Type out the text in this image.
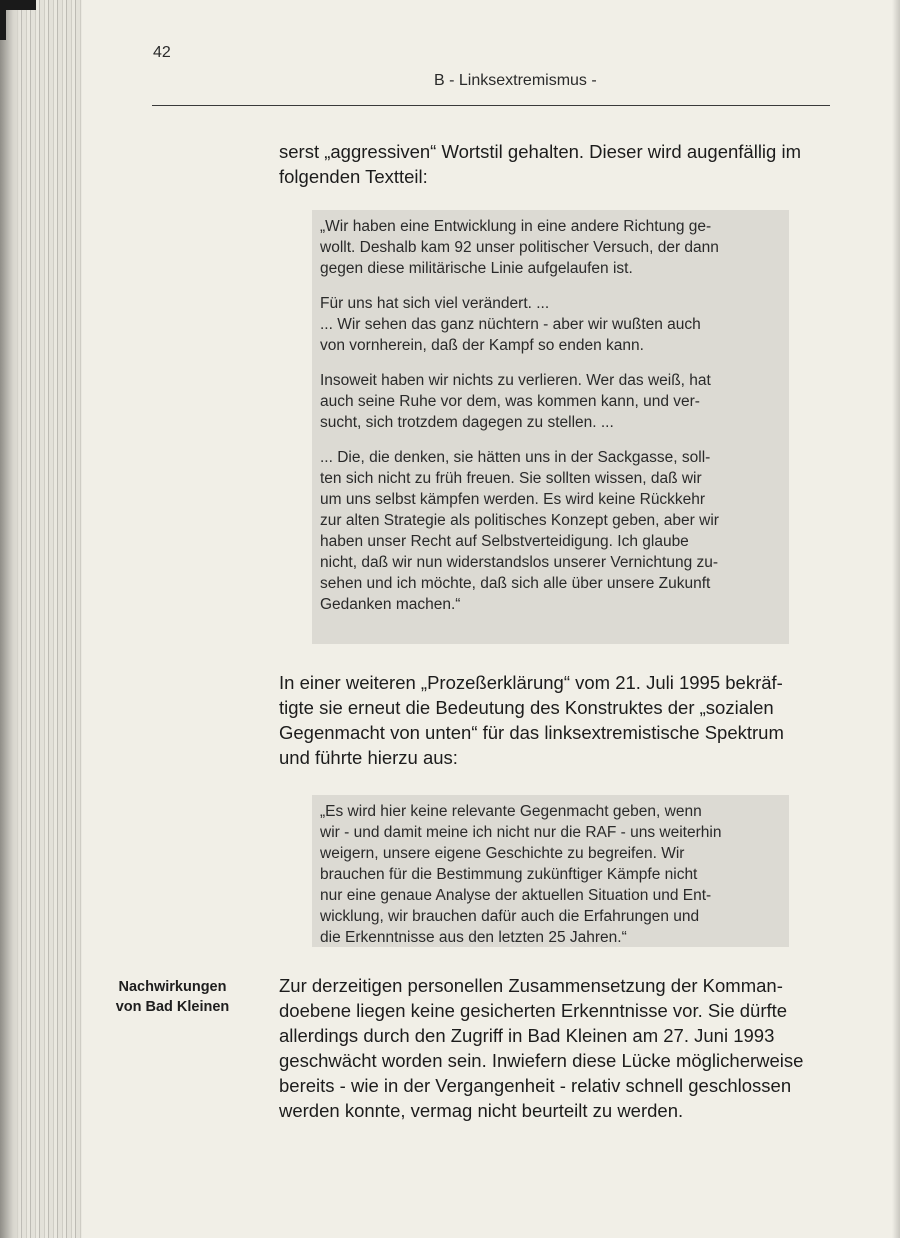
42
B - Linksextremismus -
serst „aggressiven“ Wortstil gehalten. Dieser wird augenfällig im
folgenden Textteil:
„Wir haben eine Entwicklung in eine andere Richtung ge-
wollt. Deshalb kam 92 unser politischer Versuch, der dann
gegen diese militärische Linie aufgelaufen ist.
Für uns hat sich viel verändert. ...
... Wir sehen das ganz nüchtern - aber wir wußten auch
von vornherein, daß der Kampf so enden kann.
Insoweit haben wir nichts zu verlieren. Wer das weiß, hat
auch seine Ruhe vor dem, was kommen kann, und ver-
sucht, sich trotzdem dagegen zu stellen. ...
... Die, die denken, sie hätten uns in der Sackgasse, soll-
ten sich nicht zu früh freuen. Sie sollten wissen, daß wir
um uns selbst kämpfen werden. Es wird keine Rückkehr
zur alten Strategie als politisches Konzept geben, aber wir
haben unser Recht auf Selbstverteidigung. Ich glaube
nicht, daß wir nun widerstandslos unserer Vernichtung zu-
sehen und ich möchte, daß sich alle über unsere Zukunft
Gedanken machen.“
In einer weiteren „Prozeßerklärung“ vom 21. Juli 1995 bekräf-
tigte sie erneut die Bedeutung des Konstruktes der „sozialen
Gegenmacht von unten“ für das linksextremistische Spektrum
und führte hierzu aus:
„Es wird hier keine relevante Gegenmacht geben, wenn
wir - und damit meine ich nicht nur die RAF - uns weiterhin
weigern, unsere eigene Geschichte zu begreifen. Wir
brauchen für die Bestimmung zukünftiger Kämpfe nicht
nur eine genaue Analyse der aktuellen Situation und Ent-
wicklung, wir brauchen dafür auch die Erfahrungen und
die Erkenntnisse aus den letzten 25 Jahren.“
Nachwirkungen
von Bad Kleinen
Zur derzeitigen personellen Zusammensetzung der Komman-
doebene liegen keine gesicherten Erkenntnisse vor. Sie dürfte
allerdings durch den Zugriff in Bad Kleinen am 27. Juni 1993
geschwächt worden sein. Inwiefern diese Lücke möglicherweise
bereits - wie in der Vergangenheit - relativ schnell geschlossen
werden konnte, vermag nicht beurteilt zu werden.
